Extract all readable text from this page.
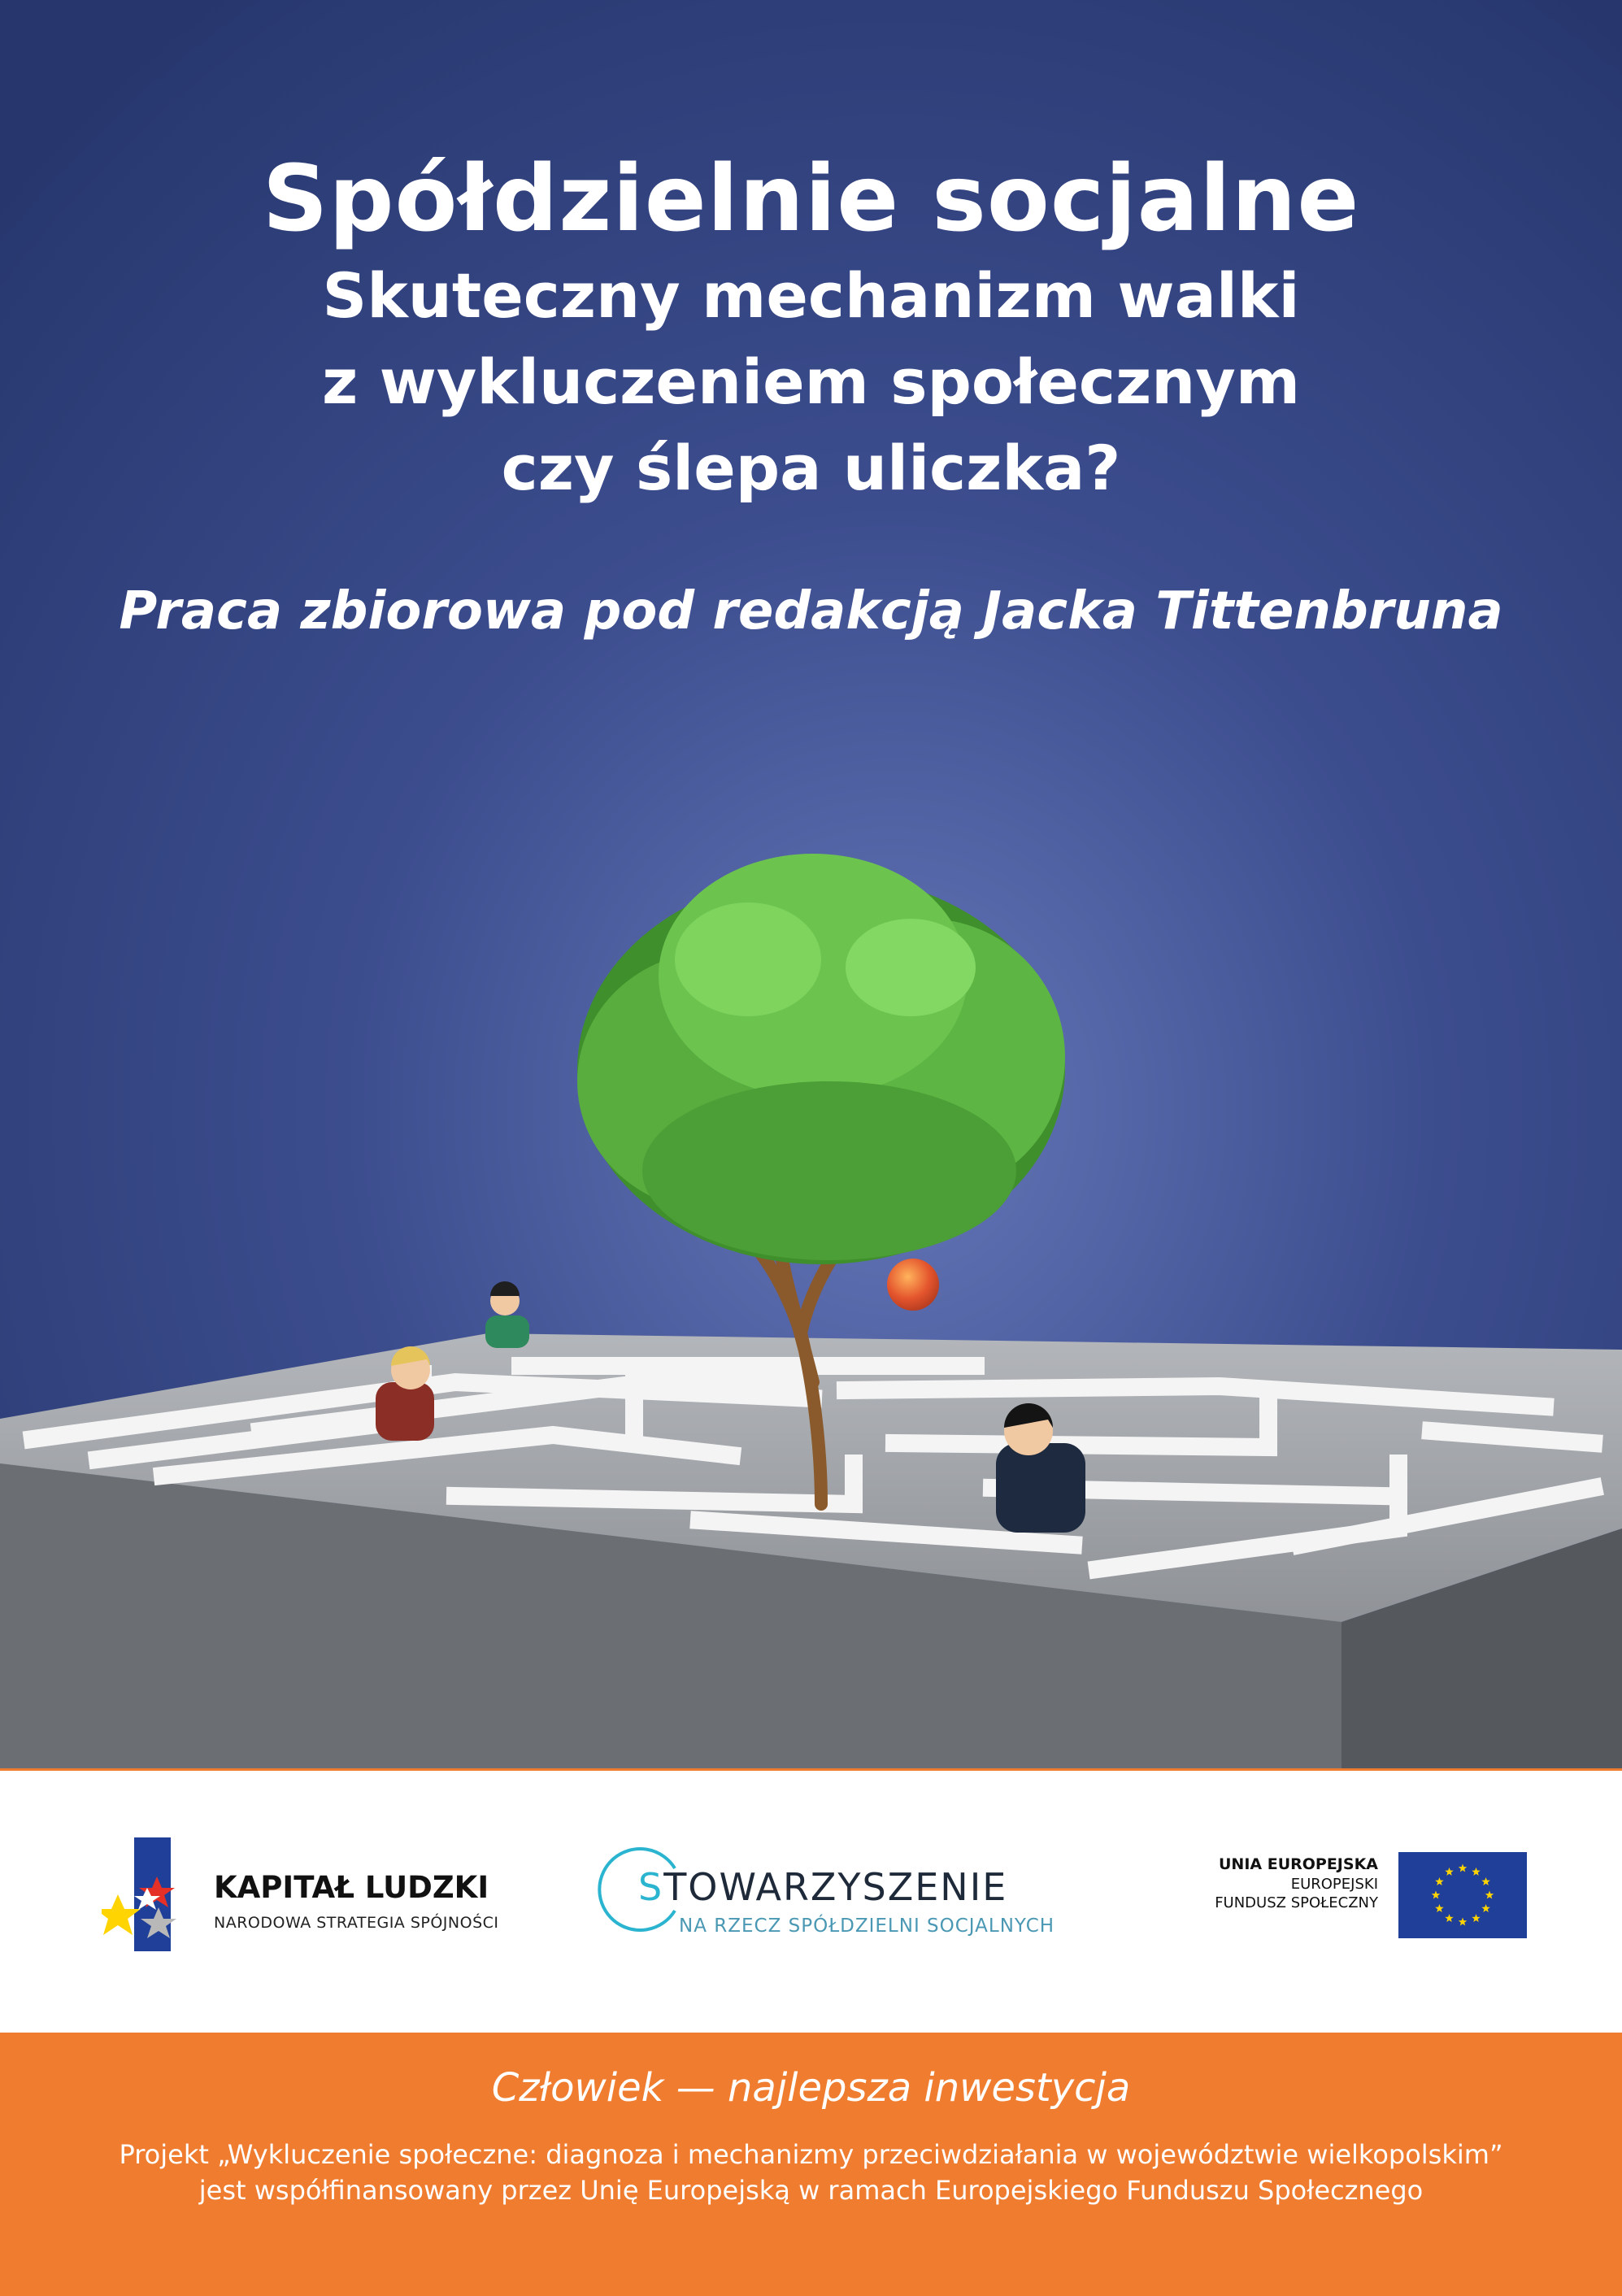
Spółdzielnie socjalne
Skuteczny mechanizm walki
z wykluczeniem społecznym
czy ślepa uliczka?
Praca zbiorowa pod redakcją Jacka Tittenbruna
KAPITAŁ LUDZKI
NARODOWA STRATEGIA SPÓJNOŚCI
STOWARZYSZENIE
NA RZECZ SPÓŁDZIELNI SOCJALNYCH
UNIA EUROPEJSKA
EUROPEJSKI
FUNDUSZ SPOŁECZNY
Człowiek — najlepsza inwestycja
Projekt „Wykluczenie społeczne: diagnoza i mechanizmy przeciwdziałania w województwie wielkopolskim”
jest współfinansowany przez Unię Europejską w ramach Europejskiego Funduszu Społecznego
